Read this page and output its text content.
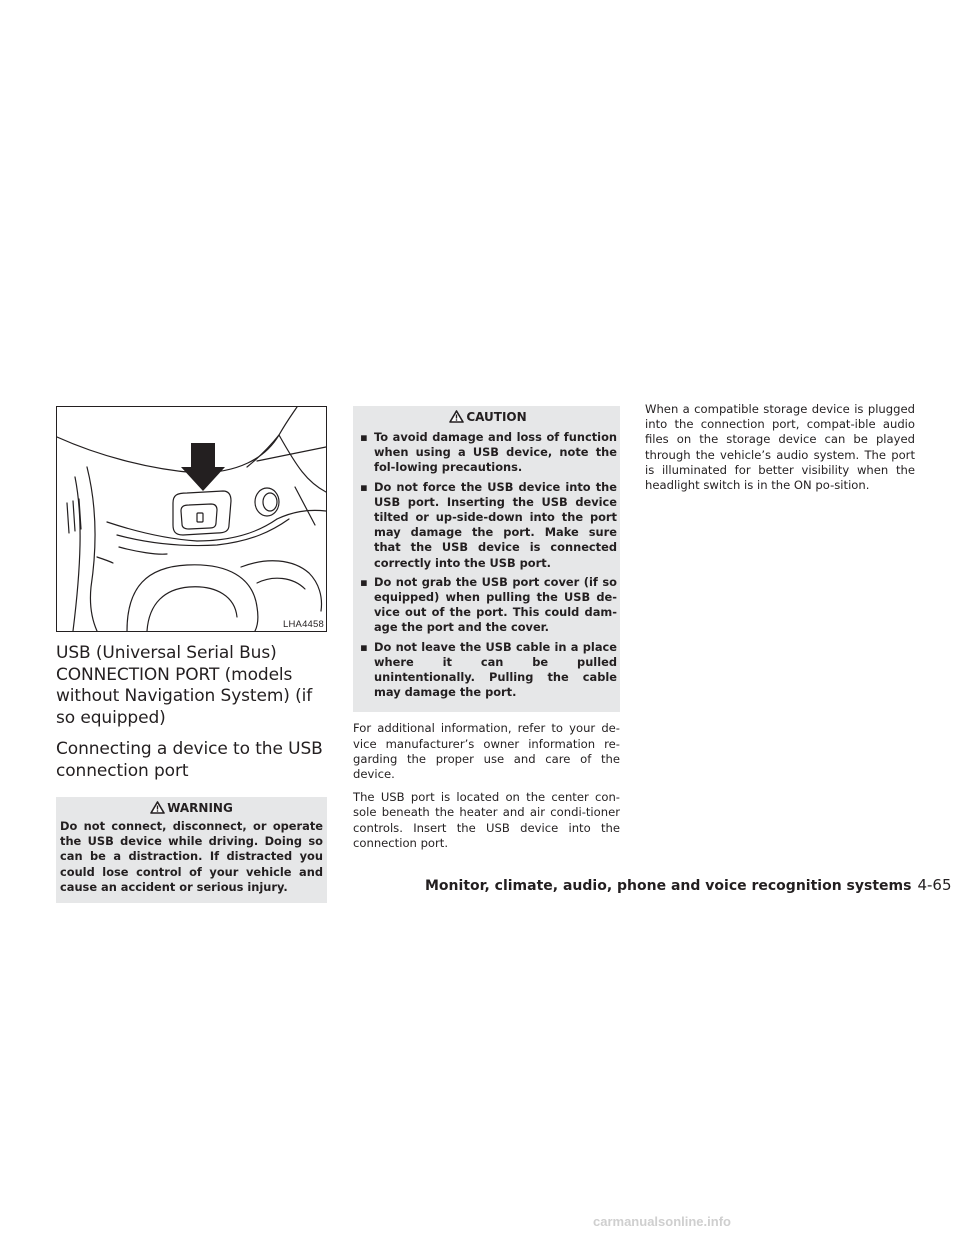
LHA4458
USB (Universal Serial Bus) CONNECTION PORT (models without Navigation System) (if so equipped)
Connecting a device to the USB connection port
WARNING
Do not connect, disconnect, or operate the USB device while driving. Doing so can be a distraction. If distracted you could lose control of your vehicle and cause an accident or serious injury.
CAUTION
▪ To avoid damage and loss of function when using a USB device, note the fol-lowing precautions.
▪ Do not force the USB device into the USB port. Inserting the USB device tilted or up-side-down into the port may damage the port. Make sure that the USB device is connected correctly into the USB port.
▪ Do not grab the USB port cover (if so equipped) when pulling the USB de-vice out of the port. This could dam-age the port and the cover.
▪ Do not leave the USB cable in a place where it can be pulled unintentionally. Pulling the cable may damage the port.

For additional information, refer to your de-vice manufacturer’s owner information re-garding the proper use and care of the device.

The USB port is located on the center con-sole beneath the heater and air condi-tioner controls. Insert the USB device into the connection port.

When a compatible storage device is plugged into the connection port, compat-ible audio files on the storage device can be played through the vehicle’s audio system. The port is illuminated for better visibility when the headlight switch is in the ON po-sition.

Monitor, climate, audio, phone and voice recognition systems 4-65
carmanualsonline.info
